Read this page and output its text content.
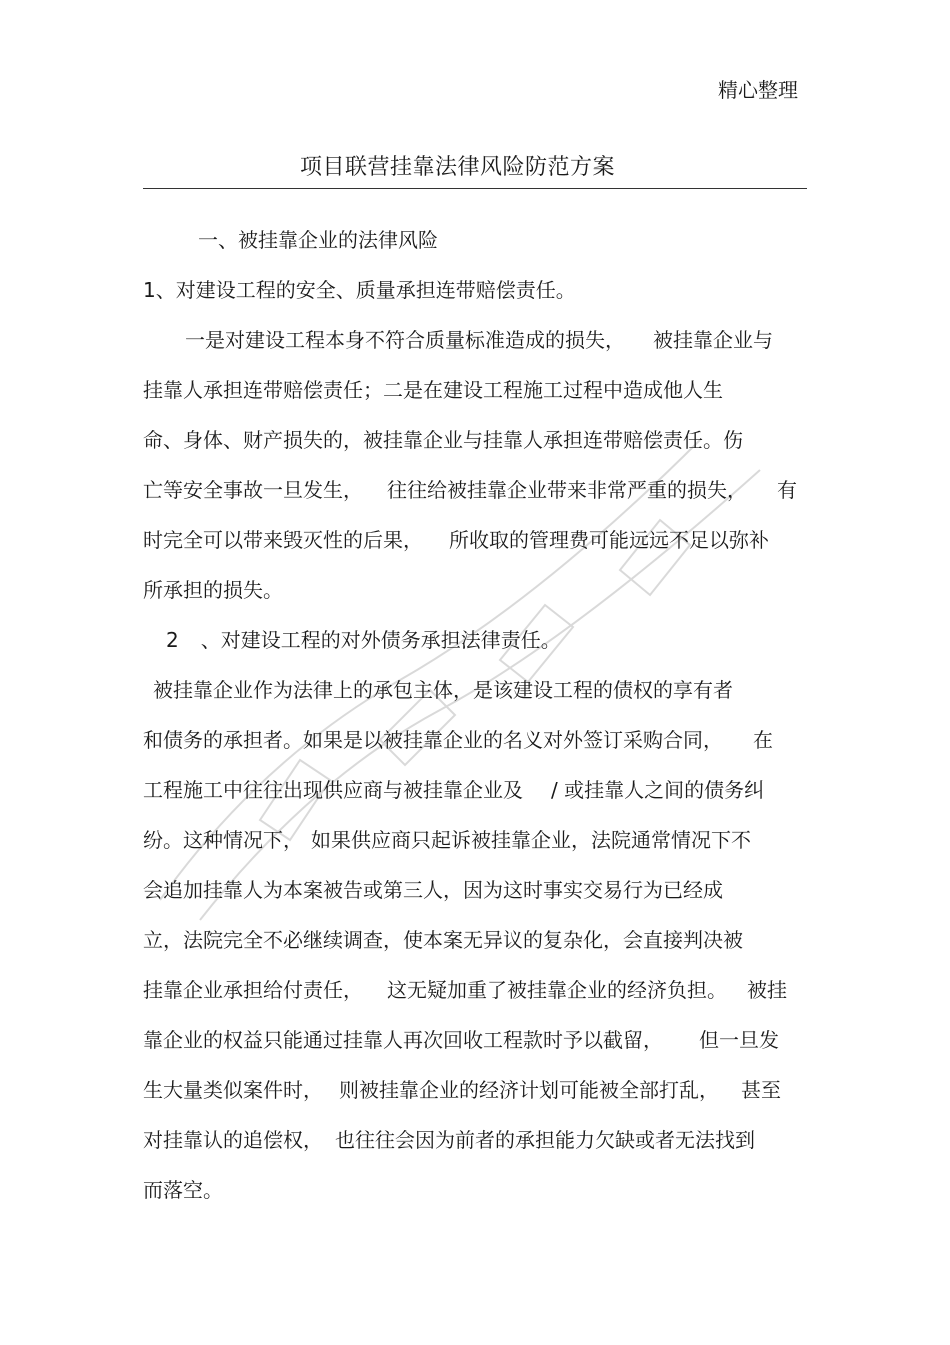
精心整理
项目联营挂靠法律风险防范方案
一、被挂靠企业的法律风险
1、对建设工程的安全、质量承担连带赔偿责任。
一是对建设工程本身不符合质量标准造成的损失， 被挂靠企业与
挂靠人承担连带赔偿责任；二是在建设工程施工过程中造成他人生
命、身体、财产损失的，被挂靠企业与挂靠人承担连带赔偿责任。伤
亡等安全事故一旦发生， 往往给被挂靠企业带来非常严重的损失， 有
时完全可以带来毁灭性的后果， 所收取的管理费可能远远不足以弥补
所承担的损失。
2 、对建设工程的对外债务承担法律责任。
被挂靠企业作为法律上的承包主体，是该建设工程的债权的享有者
和债务的承担者。如果是以被挂靠企业的名义对外签订采购合同， 在
工程施工中往往出现供应商与被挂靠企业及 / 或挂靠人之间的债务纠
纷。这种情况下， 如果供应商只起诉被挂靠企业，法院通常情况下不
会追加挂靠人为本案被告或第三人，因为这时事实交易行为已经成
立，法院完全不必继续调查，使本案无异议的复杂化，会直接判决被
挂靠企业承担给付责任， 这无疑加重了被挂靠企业的经济负担。 被挂
靠企业的权益只能通过挂靠人再次回收工程款时予以截留， 但一旦发
生大量类似案件时， 则被挂靠企业的经济计划可能被全部打乱， 甚至
对挂靠认的追偿权， 也往往会因为前者的承担能力欠缺或者无法找到
而落空。
